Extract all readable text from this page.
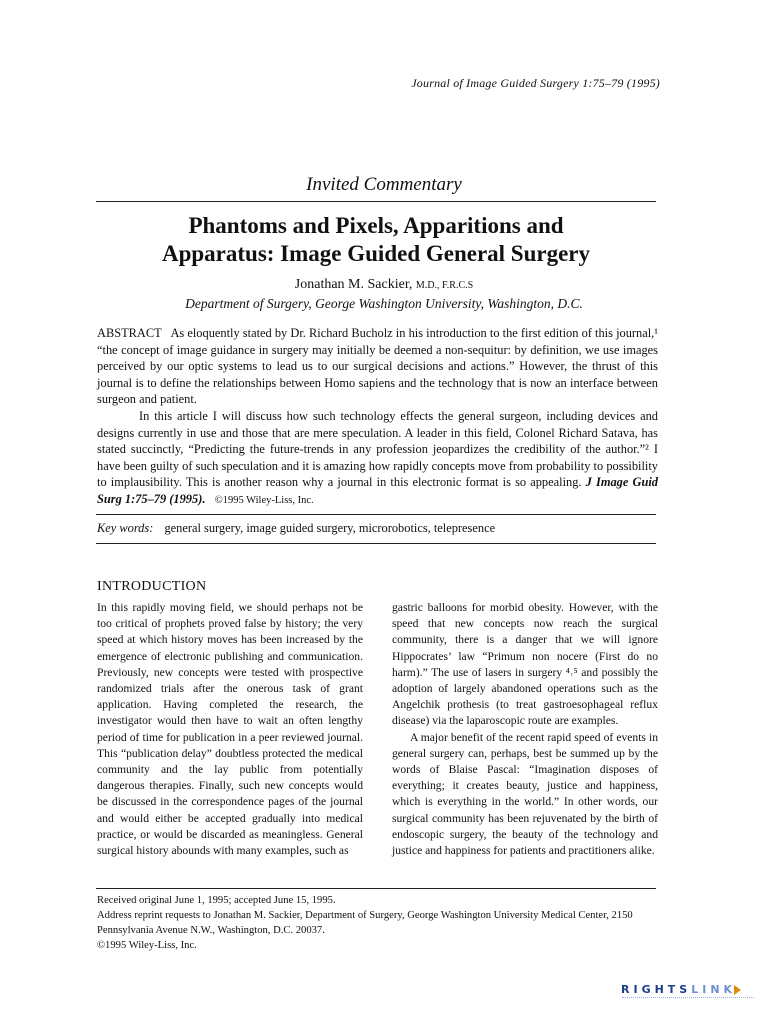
Journal of Image Guided Surgery 1:75–79 (1995)
Invited Commentary
Phantoms and Pixels, Apparitions and
Apparatus: Image Guided General Surgery
Jonathan M. Sackier, M.D., F.R.C.S
Department of Surgery, George Washington University, Washington, D.C.

ABSTRACT As eloquently stated by Dr. Richard Bucholz in his introduction to the first edition of this journal,¹ “the concept of image guidance in surgery may initially be deemed a non-sequitur: by definition, we use images perceived by our optic systems to lead us to our surgical decisions and actions.” However, the thrust of this journal is to define the relationships between Homo sapiens and the technology that is now an interface between surgeon and patient.

In this article I will discuss how such technology effects the general surgeon, including devices and designs currently in use and those that are mere speculation. A leader in this field, Colonel Richard Satava, has stated succinctly, “Predicting the future-trends in any profession jeopardizes the credibility of the author.”² I have been guilty of such speculation and it is amazing how rapidly concepts move from probability to possibility to implausibility. This is another reason why a journal in this electronic format is so appealing. J Image Guid Surg 1:75–79 (1995). ©1995 Wiley-Liss, Inc.

Key words: general surgery, image guided surgery, microrobotics, telepresence
INTRODUCTION

In this rapidly moving field, we should perhaps not be too critical of prophets proved false by history; the very speed at which history moves has been increased by the emergence of electronic publishing and communication. Previously, new concepts were tested with prospective randomized trials after the onerous task of grant application. Having completed the research, the investigator would then have to wait an often lengthy period of time for publication in a peer reviewed journal. This “publication delay” doubtless protected the medical community and the lay public from potentially dangerous therapies. Finally, such new concepts would be discussed in the correspondence pages of the journal and would either be accepted gradually into medical practice, or would be discarded as meaningless. General surgical history abounds with many examples, such as

gastric balloons for morbid obesity. However, with the speed that new concepts now reach the surgical community, there is a danger that we will ignore Hippocrates’ law “Primum non nocere (First do no harm).” The use of lasers in surgery ⁴˒⁵ and possibly the adoption of largely abandoned operations such as the Angelchik prothesis (to treat gastroesophageal reflux disease) via the laparoscopic route are examples.

A major benefit of the recent rapid speed of events in general surgery can, perhaps, best be summed up by the words of Blaise Pascal: “Imagination disposes of everything; it creates beauty, justice and happiness, which is everything in the world.” In other words, our surgical community has been rejuvenated by the birth of endoscopic surgery, the beauty of the technology and justice and happiness for patients and practitioners alike.

Received original June 1, 1995; accepted June 15, 1995.
Address reprint requests to Jonathan M. Sackier, Department of Surgery, George Washington University Medical Center, 2150 Pennsylvania Avenue N.W., Washington, D.C. 20037.
©1995 Wiley-Liss, Inc.
RIGHTSLINK
